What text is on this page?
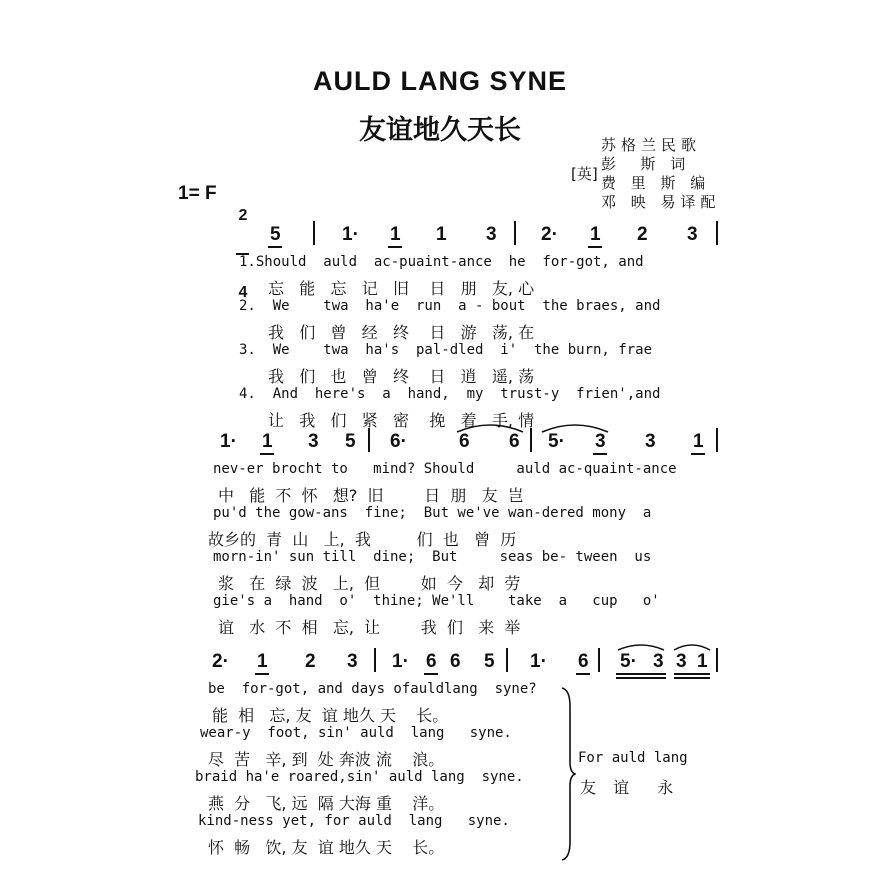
AULD LANG SYNE
友谊地久天长	苏格兰民歌
彭  斯 词
[英] 费 里 斯 编
邓 映 易译配
1= F

2

4

For auld lang
友 谊  永
5	1· 1 1 3 2· 1 2 3
1· 1 3 5 6·	6 6 5· 3 3 1
2· 1 2 3 1· 6 6 5 1· 6 5· 3 3 1
1.Should  auld  ac-puaint-ance  he  for-got, and
忘   能   忘   记   旧    日   朋   友, 心
2.  We    twa  ha'e  run  a - bout  the braes, and
我   们   曾   经   终    日   游   荡, 在
3.  We    twa  ha's  pal-dled  i'  the burn, frae
我   们   也   曾   终    日   逍   遥, 荡
4.  And  here's  a  hand,  my  trust-y  frien',and
让   我   们   紧   密    挽   着   手, 情
nev-er brocht to   mind? Should     auld ac-quaint-ance
中   能  不  怀   想?  旧        日  朋   友  岂
pu'd the gow-ans  fine;  But we've wan-dered mony  a
故乡的  青  山   上,  我         们  也   曾  历
morn-in' sun till  dine;  But     seas be- tween  us
浆   在  绿  波   上,  但        如  今   却  劳
gie's a  hand  o'  thine; We'll    take  a   cup   o'
谊   水  不  相   忘,  让        我  们   来  举
be  for-got, and days ofauldlang  syne?
能  相   忘, 友  谊 地久 天    长。
wear-y  foot, sin' auld  lang   syne.
尽  苦   辛, 到  处 奔波 流    浪。
braid ha'e roared,sin' auld lang  syne.
燕  分   飞, 远  隔 大海 重    洋。
kind-ness yet, for auld  lang   syne.
怀  畅   饮, 友  谊 地久 天    长。
